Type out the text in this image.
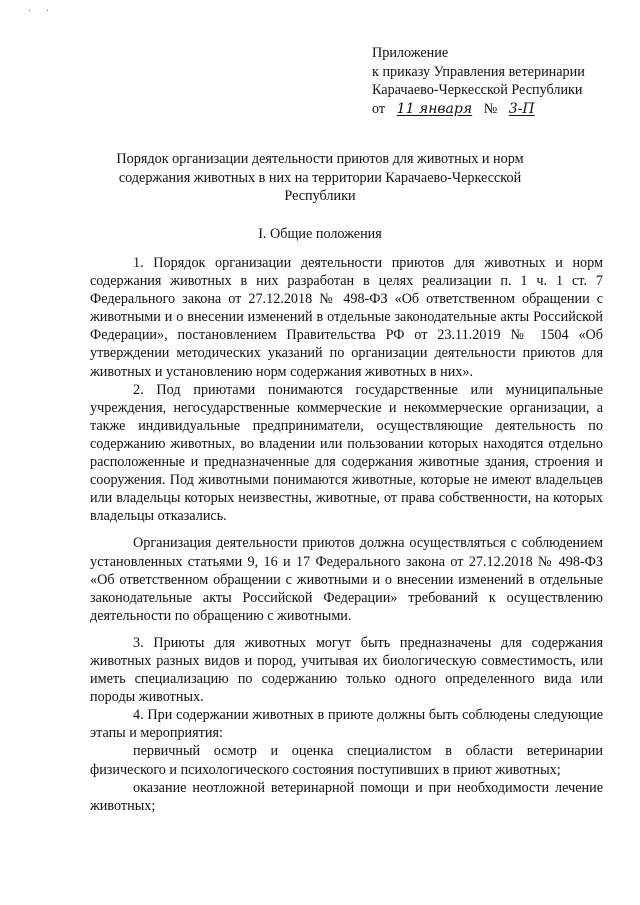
· ·
Приложение
к приказу Управления ветеринарии
Карачаево-Черкесской Республики
от 11 января № 3-П
Порядок организации деятельности приютов для животных и норм содержания животных в них на территории Карачаево-Черкесской Республики
I. Общие положения

1. Порядок организации деятельности приютов для животных и норм содержания животных в них разработан в целях реализации п. 1 ч. 1 ст. 7 Федерального закона от 27.12.2018 № 498-ФЗ «Об ответственном обращении с животными и о внесении изменений в отдельные законодательные акты Российской Федерации», постановлением Правительства РФ от 23.11.2019 № 1504 «Об утверждении методических указаний по организации деятельности приютов для животных и установлению норм содержания животных в них».

2. Под приютами понимаются государственные или муниципальные учреждения, негосударственные коммерческие и некоммерческие организации, а также индивидуальные предприниматели, осуществляющие деятельность по содержанию животных, во владении или пользовании которых находятся отдельно расположенные и предназначенные для содержания животные здания, строения и сооружения. Под животными понимаются животные, которые не имеют владельцев или владельцы которых неизвестны, животные, от права собственности, на которых владельцы отказались.

Организация деятельности приютов должна осуществляться с соблюдением установленных статьями 9, 16 и 17 Федерального закона от 27.12.2018 № 498-ФЗ «Об ответственном обращении с животными и о внесении изменений в отдельные законодательные акты Российской Федерации» требований к осуществлению деятельности по обращению с животными.

3. Приюты для животных могут быть предназначены для содержания животных разных видов и пород, учитывая их биологическую совместимость, или иметь специализацию по содержанию только одного определенного вида или породы животных.

4. При содержании животных в приюте должны быть соблюдены следующие этапы и мероприятия:

первичный осмотр и оценка специалистом в области ветеринарии физического и психологического состояния поступивших в приют животных;

оказание неотложной ветеринарной помощи и при необходимости лечение животных;
